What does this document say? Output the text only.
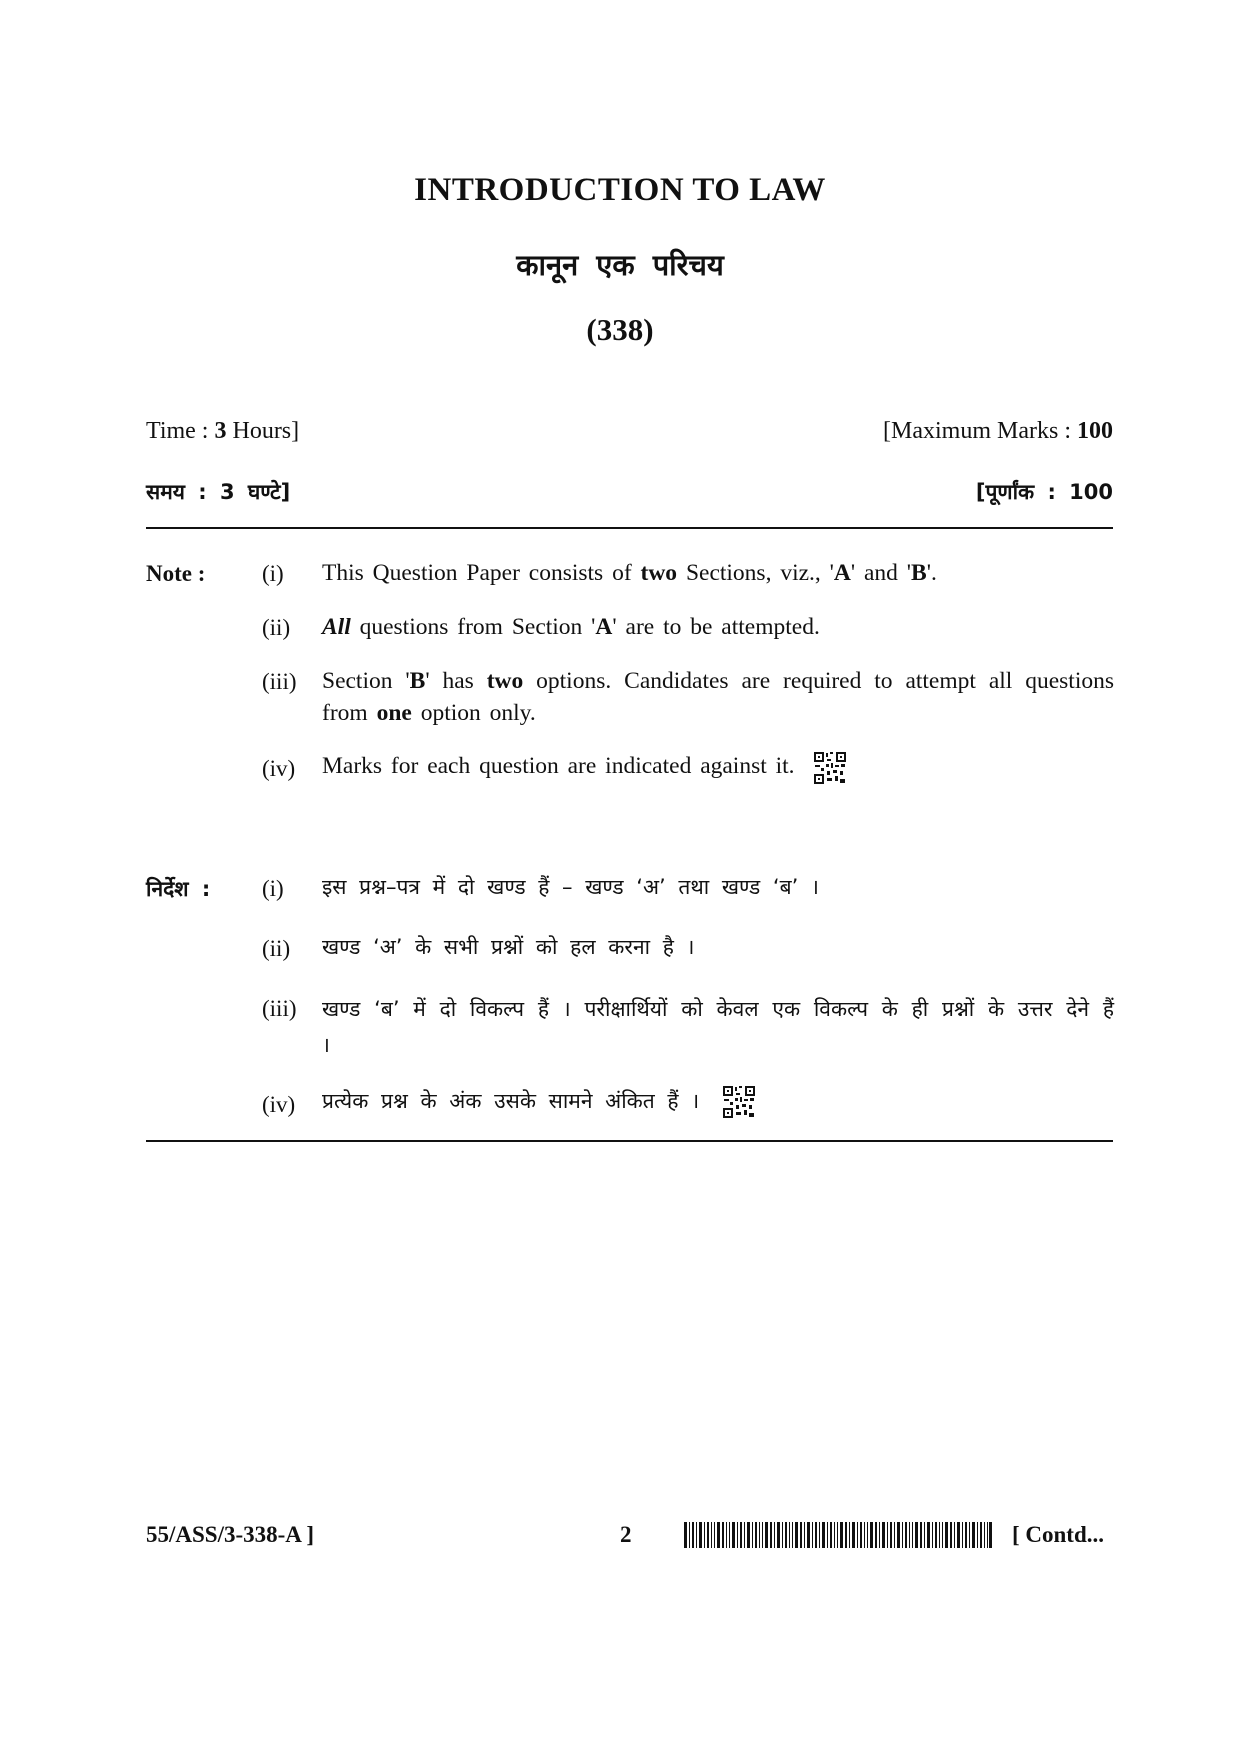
INTRODUCTION TO LAW
कानून एक परिचय
(338)
Time : 3 Hours]	[Maximum Marks : 100
समय : 3 घण्टे]	[पूर्णांक : 100
Note : (i) This Question Paper consists of two Sections, viz., 'A' and 'B'.
(ii) All questions from Section 'A' are to be attempted.
(iii) Section 'B' has two options. Candidates are required to attempt all questions from one option only.
(iv) Marks for each question are indicated against it.
निर्देश : (i) इस प्रश्न–पत्र में दो खण्ड हैं – खण्ड ‘अ’ तथा खण्ड ‘ब’ ।
(ii) खण्ड ‘अ’ के सभी प्रश्नों को हल करना है ।
(iii) खण्ड ‘ब’ में दो विकल्प हैं । परीक्षार्थियों को केवल एक विकल्प के ही प्रश्नों के उत्तर देने हैं ।
(iv) प्रत्येक प्रश्न के अंक उसके सामने अंकित हैं ।
55/ASS/3-338-A ]	2	[ Contd...
